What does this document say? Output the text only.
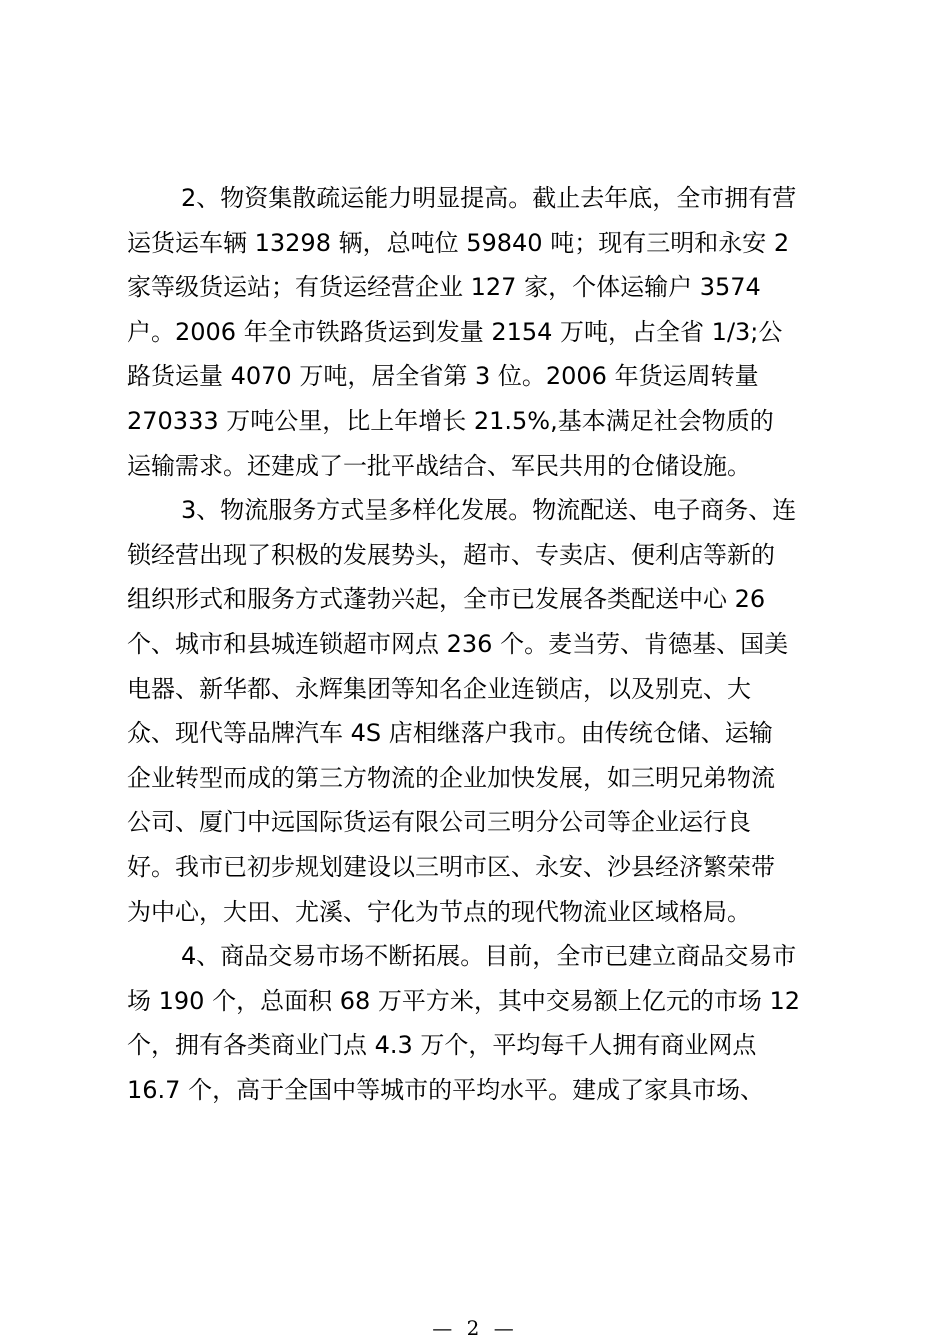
2、物资集散疏运能力明显提高。截止去年底，全市拥有营
运货运车辆 13298 辆，总吨位 59840 吨；现有三明和永安 2
家等级货运站；有货运经营企业 127 家，个体运输户 3574
户。2006 年全市铁路货运到发量 2154 万吨，占全省 1/3;公
路货运量 4070 万吨，居全省第 3 位。2006 年货运周转量
270333 万吨公里，比上年增长 21.5%,基本满足社会物质的
运输需求。还建成了一批平战结合、军民共用的仓储设施。
3、物流服务方式呈多样化发展。物流配送、电子商务、连
锁经营出现了积极的发展势头，超市、专卖店、便利店等新的
组织形式和服务方式蓬勃兴起，全市已发展各类配送中心 26
个、城市和县城连锁超市网点 236 个。麦当劳、肯德基、国美
电器、新华都、永辉集团等知名企业连锁店，以及别克、大
众、现代等品牌汽车 4S 店相继落户我市。由传统仓储、运输
企业转型而成的第三方物流的企业加快发展，如三明兄弟物流
公司、厦门中远国际货运有限公司三明分公司等企业运行良
好。我市已初步规划建设以三明市区、永安、沙县经济繁荣带
为中心，大田、尤溪、宁化为节点的现代物流业区域格局。
4、商品交易市场不断拓展。目前，全市已建立商品交易市
场 190 个，总面积 68 万平方米，其中交易额上亿元的市场 12
个，拥有各类商业门点 4.3 万个，平均每千人拥有商业网点
16.7 个，高于全国中等城市的平均水平。建成了家具市场、
— 2 —
